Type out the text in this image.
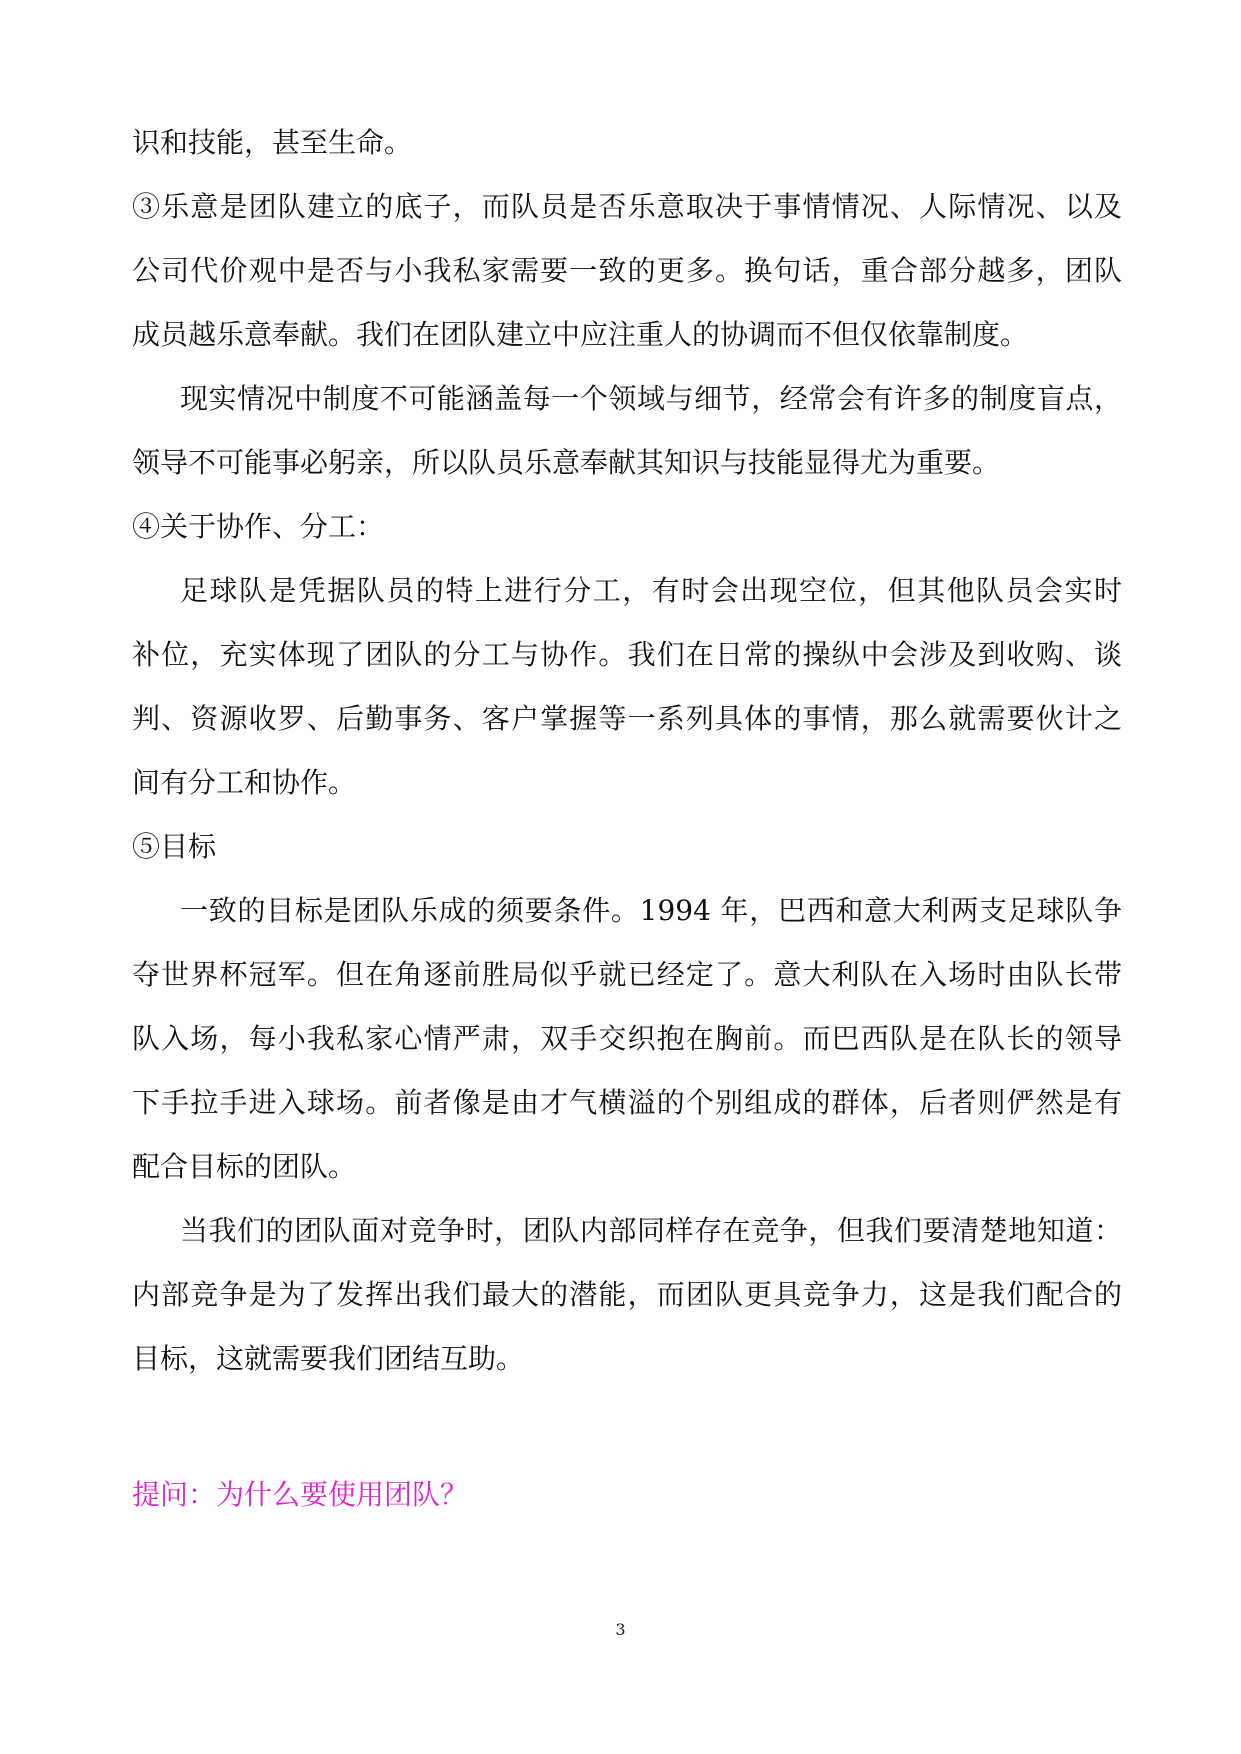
识和技能，甚至生命。
③乐意是团队建立的底子，而队员是否乐意取决于事情情况、人际情况、以及
公司代价观中是否与小我私家需要一致的更多。换句话，重合部分越多，团队
成员越乐意奉献。我们在团队建立中应注重人的协调而不但仅依靠制度。
现实情况中制度不可能涵盖每一个领域与细节，经常会有许多的制度盲点，
领导不可能事必躬亲，所以队员乐意奉献其知识与技能显得尤为重要。
④关于协作、分工：
足球队是凭据队员的特上进行分工，有时会出现空位，但其他队员会实时
补位，充实体现了团队的分工与协作。我们在日常的操纵中会涉及到收购、谈
判、资源收罗、后勤事务、客户掌握等一系列具体的事情，那么就需要伙计之
间有分工和协作。
⑤目标
一致的目标是团队乐成的须要条件。1994 年，巴西和意大利两支足球队争
夺世界杯冠军。但在角逐前胜局似乎就已经定了。意大利队在入场时由队长带
队入场，每小我私家心情严肃，双手交织抱在胸前。而巴西队是在队长的领导
下手拉手进入球场。前者像是由才气横溢的个别组成的群体，后者则俨然是有
配合目标的团队。
当我们的团队面对竞争时，团队内部同样存在竞争，但我们要清楚地知道：
内部竞争是为了发挥出我们最大的潜能，而团队更具竞争力，这是我们配合的
目标，这就需要我们团结互助。
提问：为什么要使用团队？
3
